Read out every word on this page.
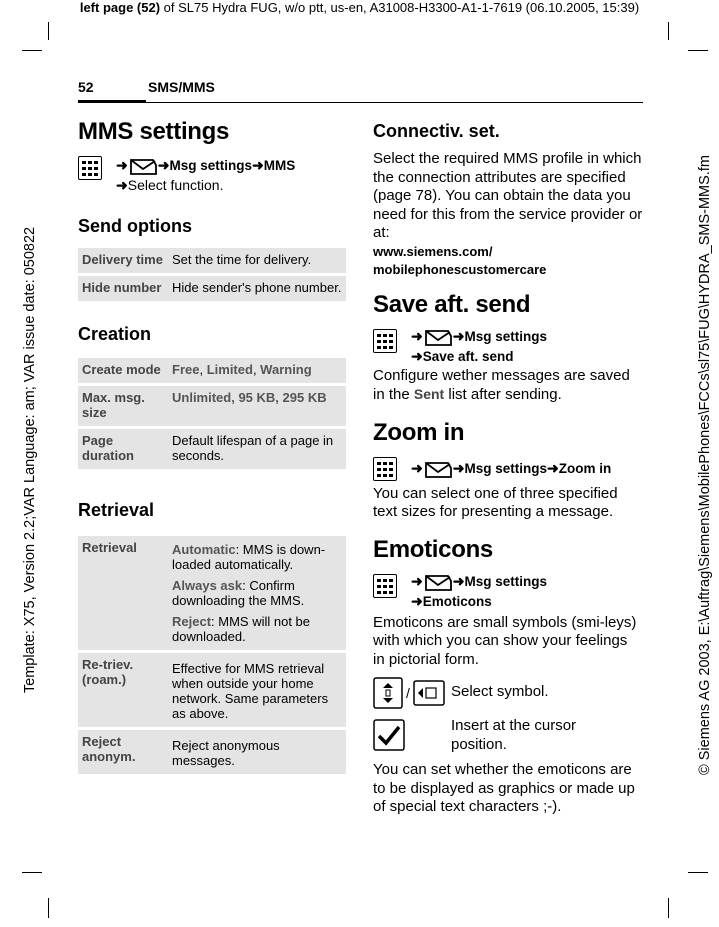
left page (52) of SL75 Hydra FUG, w/o ptt, us-en, A31008-H3300-A1-1-7619 (06.10.2005, 15:39)
Template: X75, Version 2.2;VAR Language: am; VAR issue date: 050822	© Siemens AG 2003, E:\Auftrag\Siemens\MobilePhones\FCCs\sl75\FUG\HYDRA_SMS-MMS.fm
52	SMS/MMS
MMS settings
➜ ➜Msg settings➜MMS
➜Select function.
Send options
Delivery time	Set the time for delivery.
Hide number	Hide sender's phone number.
Creation
Create mode	Free, Limited, Warning
Max. msg. size	Unlimited, 95 KB, 295 KB
Page duration	Default lifespan of a page in seconds.
Retrieval
Retrieval	Automatic: MMS is down-loaded automatically.
Always ask: Confirm downloading the MMS.
Reject: MMS will not be downloaded.

Re-triev.(roam.)	Effective for MMS retrieval when outside your home network. Same parameters as above.
Reject anonym.	Reject anonymous messages.
Connectiv. set.
Select the required MMS profile in which the connection attributes are specified (page 78). You can obtain the data you need for this from the service provider or at:
www.siemens.com/
mobilephonescustomercare
Save aft. send
➜ ➜Msg settings
➜Save aft. send
Configure wether messages are saved in the Sent list after sending.
Zoom in
➜ ➜Msg settings➜Zoom in
You can select one of three specified text sizes for presenting a message.
Emoticons
➜ ➜Msg settings
➜Emoticons
Emoticons are small symbols (smi-leys) with which you can show your feelings in pictorial form.
/	Select symbol.
Insert at the cursor position.
You can set whether the emoticons are to be displayed as graphics or made up of special text characters ;-).
